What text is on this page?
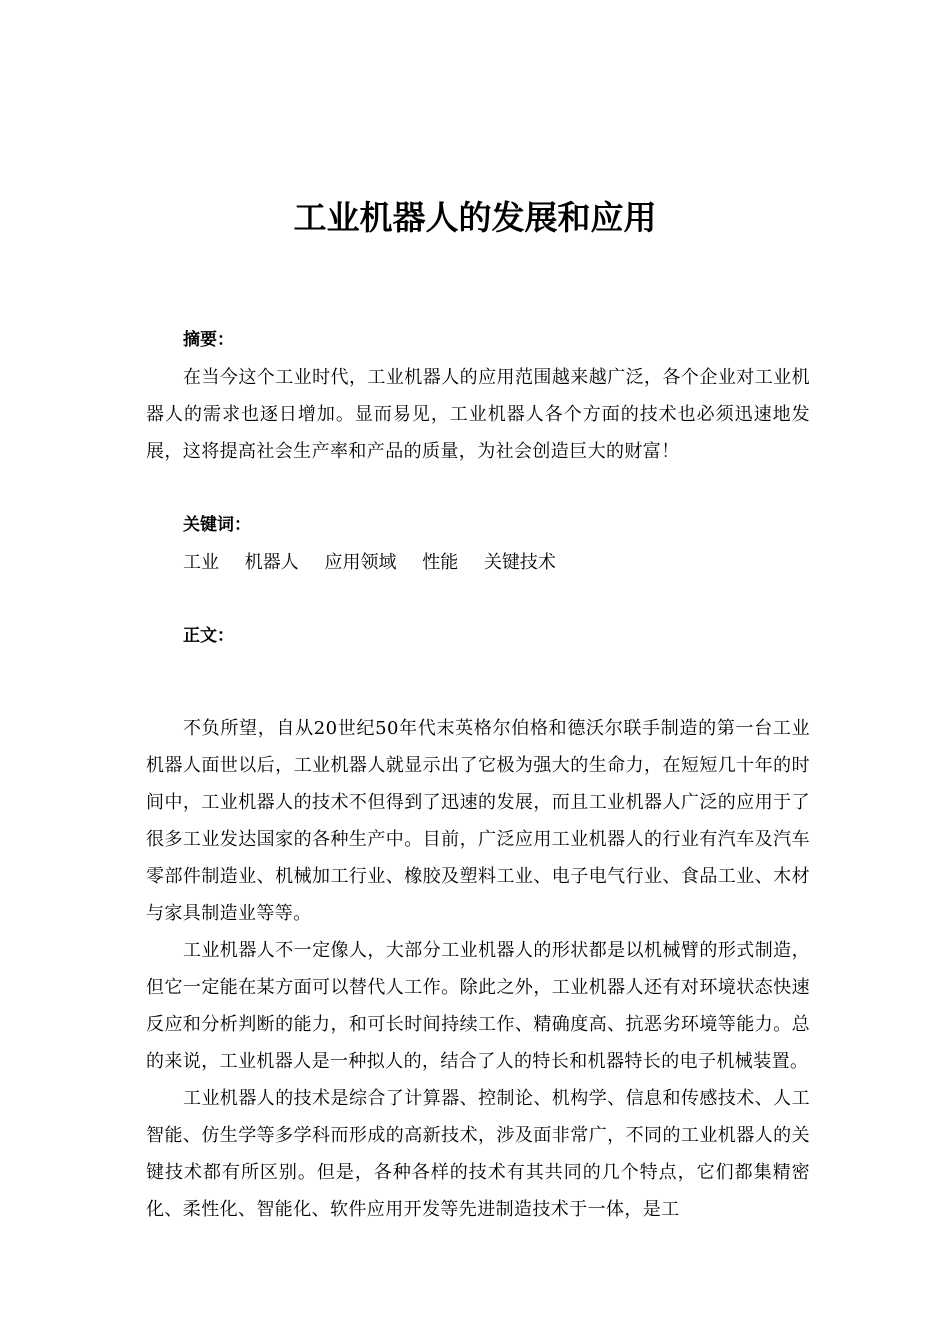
工业机器人的发展和应用
摘要：

在当今这个工业时代，工业机器人的应用范围越来越广泛，各个企业对工业机器人的需求也逐日增加。显而易见，工业机器人各个方面的技术也必须迅速地发展，这将提高社会生产率和产品的质量，为社会创造巨大的财富！

关键词：
工业 机器人 应用领域 性能 关键技术
正文：

不负所望，自从20世纪50年代末英格尔伯格和德沃尔联手制造的第一台工业机器人面世以后，工业机器人就显示出了它极为强大的生命力，在短短几十年的时间中，工业机器人的技术不但得到了迅速的发展，而且工业机器人广泛的应用于了很多工业发达国家的各种生产中。目前，广泛应用工业机器人的行业有汽车及汽车零部件制造业、机械加工行业、橡胶及塑料工业、电子电气行业、食品工业、木材与家具制造业等等。

工业机器人不一定像人，大部分工业机器人的形状都是以机械臂的形式制造，但它一定能在某方面可以替代人工作。除此之外，工业机器人还有对环境状态快速反应和分析判断的能力，和可长时间持续工作、精确度高、抗恶劣环境等能力。总的来说，工业机器人是一种拟人的，结合了人的特长和机器特长的电子机械装置。

工业机器人的技术是综合了计算器、控制论、机构学、信息和传感技术、人工智能、仿生学等多学科而形成的高新技术，涉及面非常广，不同的工业机器人的关键技术都有所区别。但是，各种各样的技术有其共同的几个特点，它们都集精密化、柔性化、智能化、软件应用开发等先进制造技术于一体，是工
